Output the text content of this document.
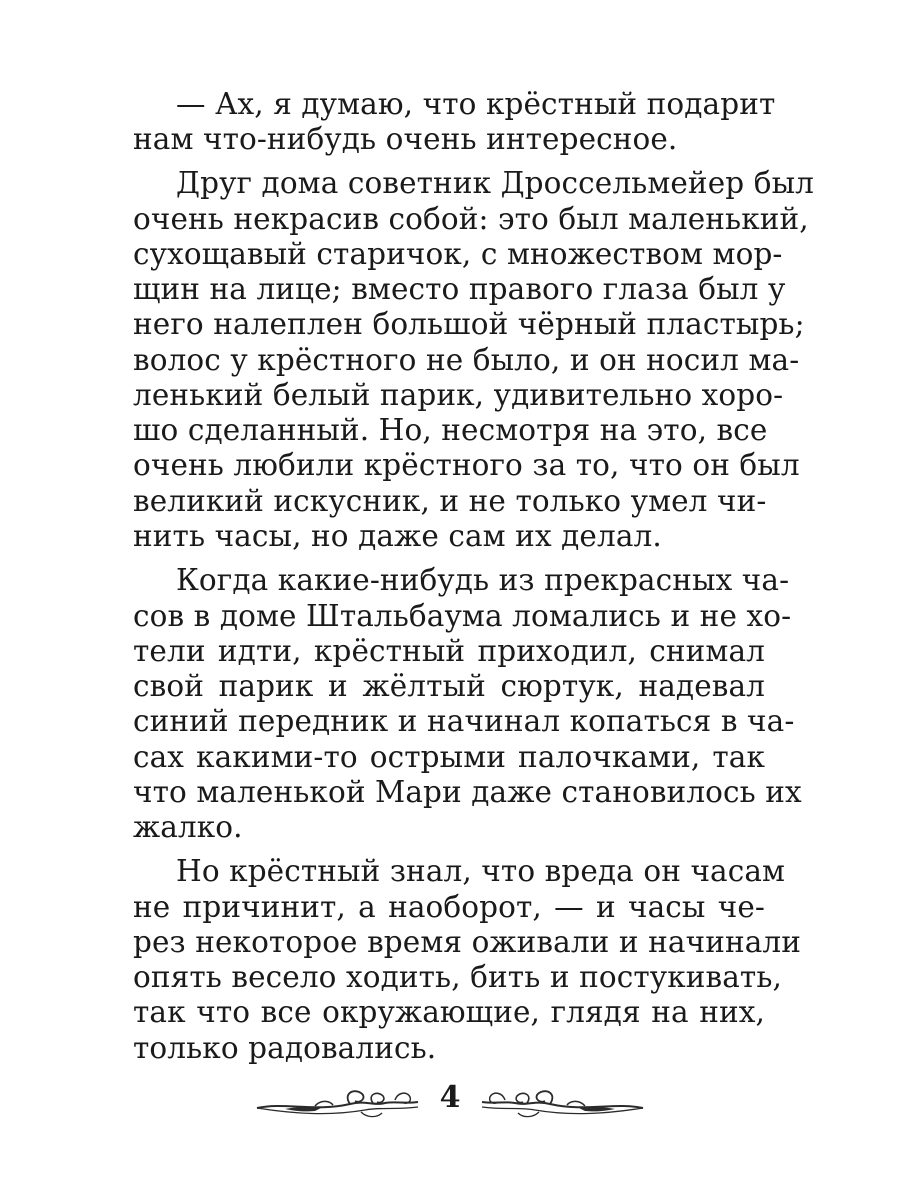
— Ах, я думаю, что крёстный подарит
нам что-нибудь очень интересное.
Друг дома советник Дроссельмейер был
очень некрасив собой: это был маленький,
сухощавый старичок, с множеством мор-
щин на лице; вместо правого глаза был у
него налеплен большой чёрный пластырь;
волос у крёстного не было, и он носил ма-
ленький белый парик, удивительно хоро-
шо сделанный. Но, несмотря на это, все
очень любили крёстного за то, что он был
великий искусник, и не только умел чи-
нить часы, но даже сам их делал.
Когда какие-нибудь из прекрасных ча-
сов в доме Штальбаума ломались и не хо-
тели идти, крёстный приходил, снимал
свой парик и жёлтый сюртук, надевал
синий передник и начинал копаться в ча-
сах какими-то острыми палочками, так
что маленькой Мари даже становилось их
жалко.
Но крёстный знал, что вреда он часам
не причинит, а наоборот, — и часы че-
рез некоторое время оживали и начинали
опять весело ходить, бить и постукивать,
так что все окружающие, глядя на них,
только радовались.
4
